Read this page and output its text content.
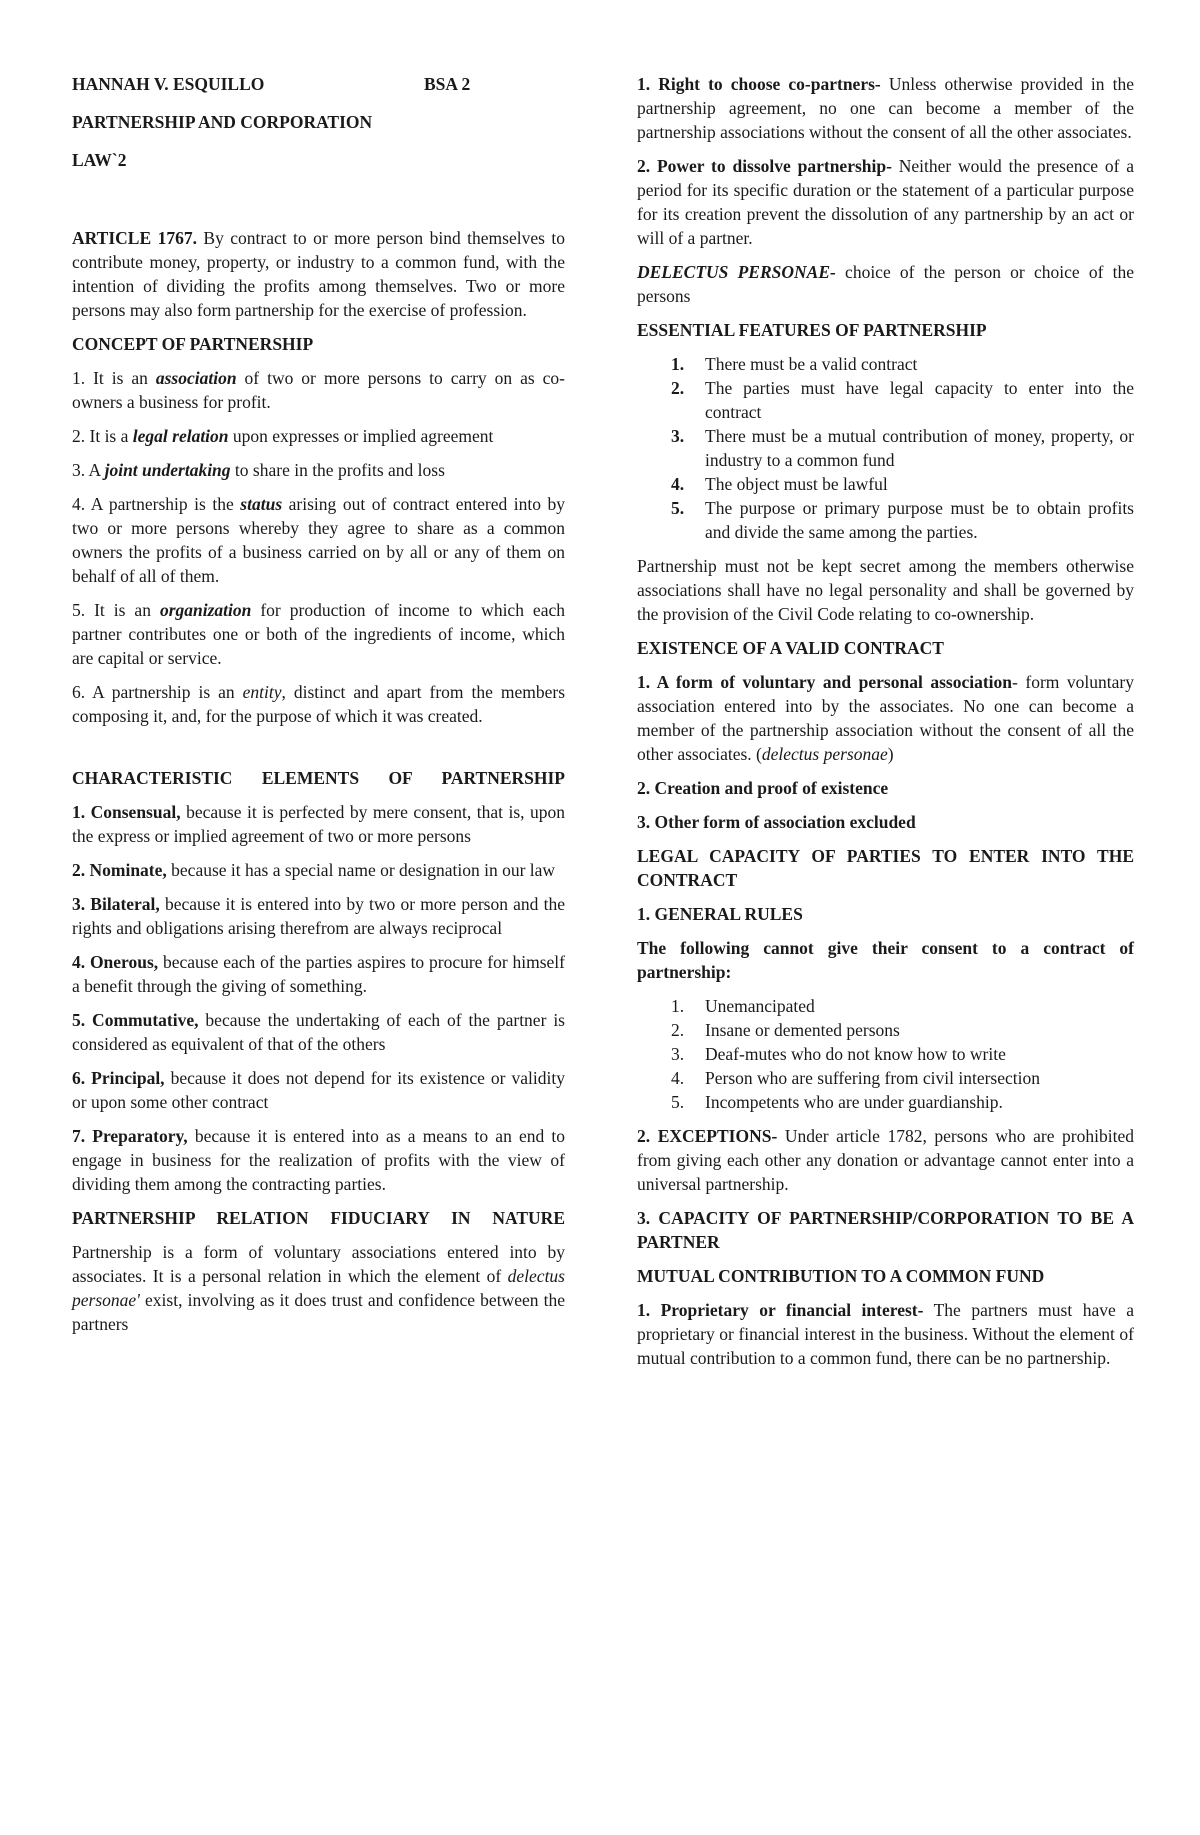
HANNAH V. ESQUILLO	BSA 2
PARTNERSHIP AND CORPORATION
LAW`2

ARTICLE 1767. By contract to or more person bind themselves to contribute money, property, or industry to a common fund, with the intention of dividing the profits among themselves. Two or more persons may also form partnership for the exercise of profession.

CONCEPT OF PARTNERSHIP

1. It is an association of two or more persons to carry on as co-owners a business for profit.

2. It is a legal relation upon expresses or implied agreement

3. A joint undertaking to share in the profits and loss

4. A partnership is the status arising out of contract entered into by two or more persons whereby they agree to share as a common owners the profits of a business carried on by all or any of them on behalf of all of them.

5. It is an organization for production of income to which each partner contributes one or both of the ingredients of income, which are capital or service.

6. A partnership is an entity, distinct and apart from the members composing it, and, for the purpose of which it was created.

CHARACTERISTIC ELEMENTS OF PARTNERSHIP

1. Consensual, because it is perfected by mere consent, that is, upon the express or implied agreement of two or more persons

2. Nominate, because it has a special name or designation in our law

3. Bilateral, because it is entered into by two or more person and the rights and obligations arising therefrom are always reciprocal

4. Onerous, because each of the parties aspires to procure for himself a benefit through the giving of something.

5. Commutative, because the undertaking of each of the partner is considered as equivalent of that of the others

6. Principal, because it does not depend for its existence or validity or upon some other contract

7. Preparatory, because it is entered into as a means to an end to engage in business for the realization of profits with the view of dividing them among the contracting parties.

PARTNERSHIP RELATION FIDUCIARY IN NATURE

Partnership is a form of voluntary associations entered into by associates. It is a personal relation in which the element of delectus personae' exist, involving as it does trust and confidence between the partners

1. Right to choose co-partners- Unless otherwise provided in the partnership agreement, no one can become a member of the partnership associations without the consent of all the other associates.

2. Power to dissolve partnership- Neither would the presence of a period for its specific duration or the statement of a particular purpose for its creation prevent the dissolution of any partnership by an act or will of a partner.

DELECTUS PERSONAE- choice of the person or choice of the persons

ESSENTIAL FEATURES OF PARTNERSHIP
1.	There must be a valid contract
2.	The parties must have legal capacity to enter into the contract
3.	There must be a mutual contribution of money, property, or industry to a common fund
4.	The object must be lawful
5.	The purpose or primary purpose must be to obtain profits and divide the same among the parties.

Partnership must not be kept secret among the members otherwise associations shall have no legal personality and shall be governed by the provision of the Civil Code relating to co-ownership.

EXISTENCE OF A VALID CONTRACT

1. A form of voluntary and personal association- form voluntary association entered into by the associates. No one can become a member of the partnership association without the consent of all the other associates. (delectus personae)

2. Creation and proof of existence

3. Other form of association excluded

LEGAL CAPACITY OF PARTIES TO ENTER INTO THE CONTRACT
1. GENERAL RULES

The following cannot give their consent to a contract of partnership:

1.	Unemancipated
2.	Insane or demented persons
3.	Deaf-mutes who do not know how to write
4.	Person who are suffering from civil intersection
5.	Incompetents who are under guardianship.

2. EXCEPTIONS- Under article 1782, persons who are prohibited from giving each other any donation or advantage cannot enter into a universal partnership.

3. CAPACITY OF PARTNERSHIP/CORPORATION TO BE A PARTNER
MUTUAL CONTRIBUTION TO A COMMON FUND

1. Proprietary or financial interest- The partners must have a proprietary or financial interest in the business. Without the element of mutual contribution to a common fund, there can be no partnership.
